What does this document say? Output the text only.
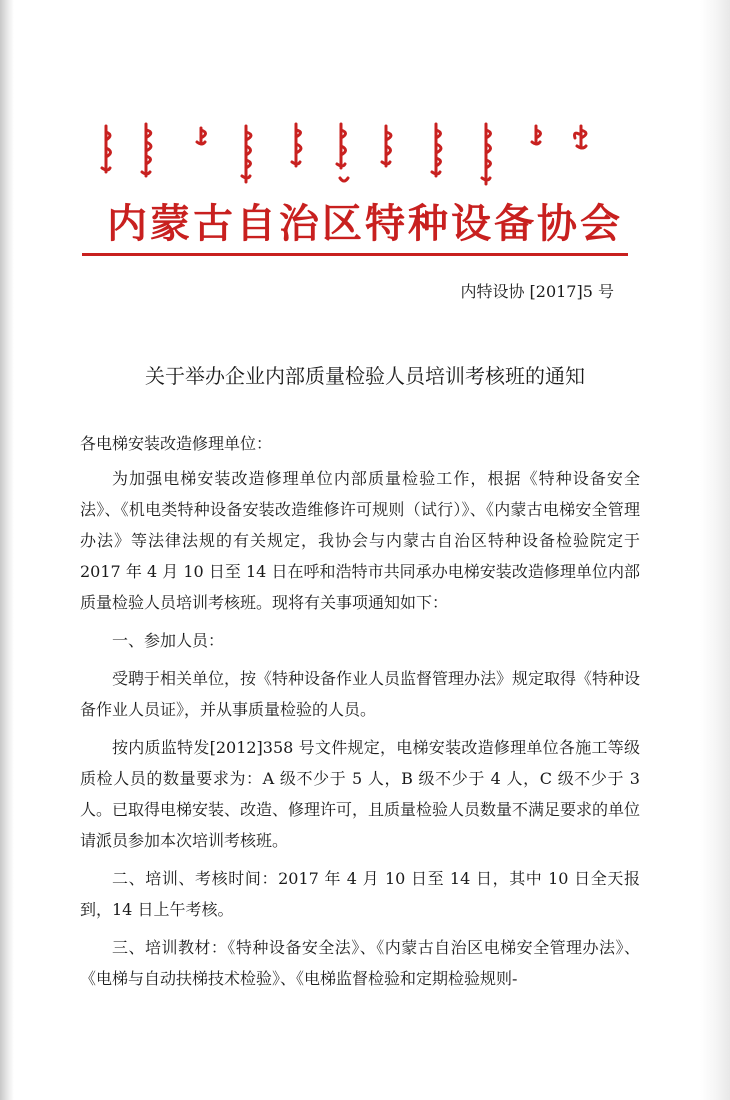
内蒙古自治区特种设备协会
内特设协 [2017]5 号
关于举办企业内部质量检验人员培训考核班的通知

各电梯安装改造修理单位：

为加强电梯安装改造修理单位内部质量检验工作，根据《特种设备安全法》、《机电类特种设备安装改造维修许可规则（试行）》、《内蒙古电梯安全管理办法》等法律法规的有关规定，我协会与内蒙古自治区特种设备检验院定于 2017 年 4 月 10 日至 14 日在呼和浩特市共同承办电梯安装改造修理单位内部质量检验人员培训考核班。现将有关事项通知如下：

一、参加人员：

受聘于相关单位，按《特种设备作业人员监督管理办法》规定取得《特种设备作业人员证》，并从事质量检验的人员。

按内质监特发[2012]358 号文件规定，电梯安装改造修理单位各施工等级质检人员的数量要求为：A 级不少于 5 人，B 级不少于 4 人，C 级不少于 3 人。已取得电梯安装、改造、修理许可，且质量检验人员数量不满足要求的单位请派员参加本次培训考核班。

二、培训、考核时间：2017 年 4 月 10 日至 14 日，其中 10 日全天报到，14 日上午考核。

三、培训教材：《特种设备安全法》、《内蒙古自治区电梯安全管理办法》、《电梯与自动扶梯技术检验》、《电梯监督检验和定期检验规则-
